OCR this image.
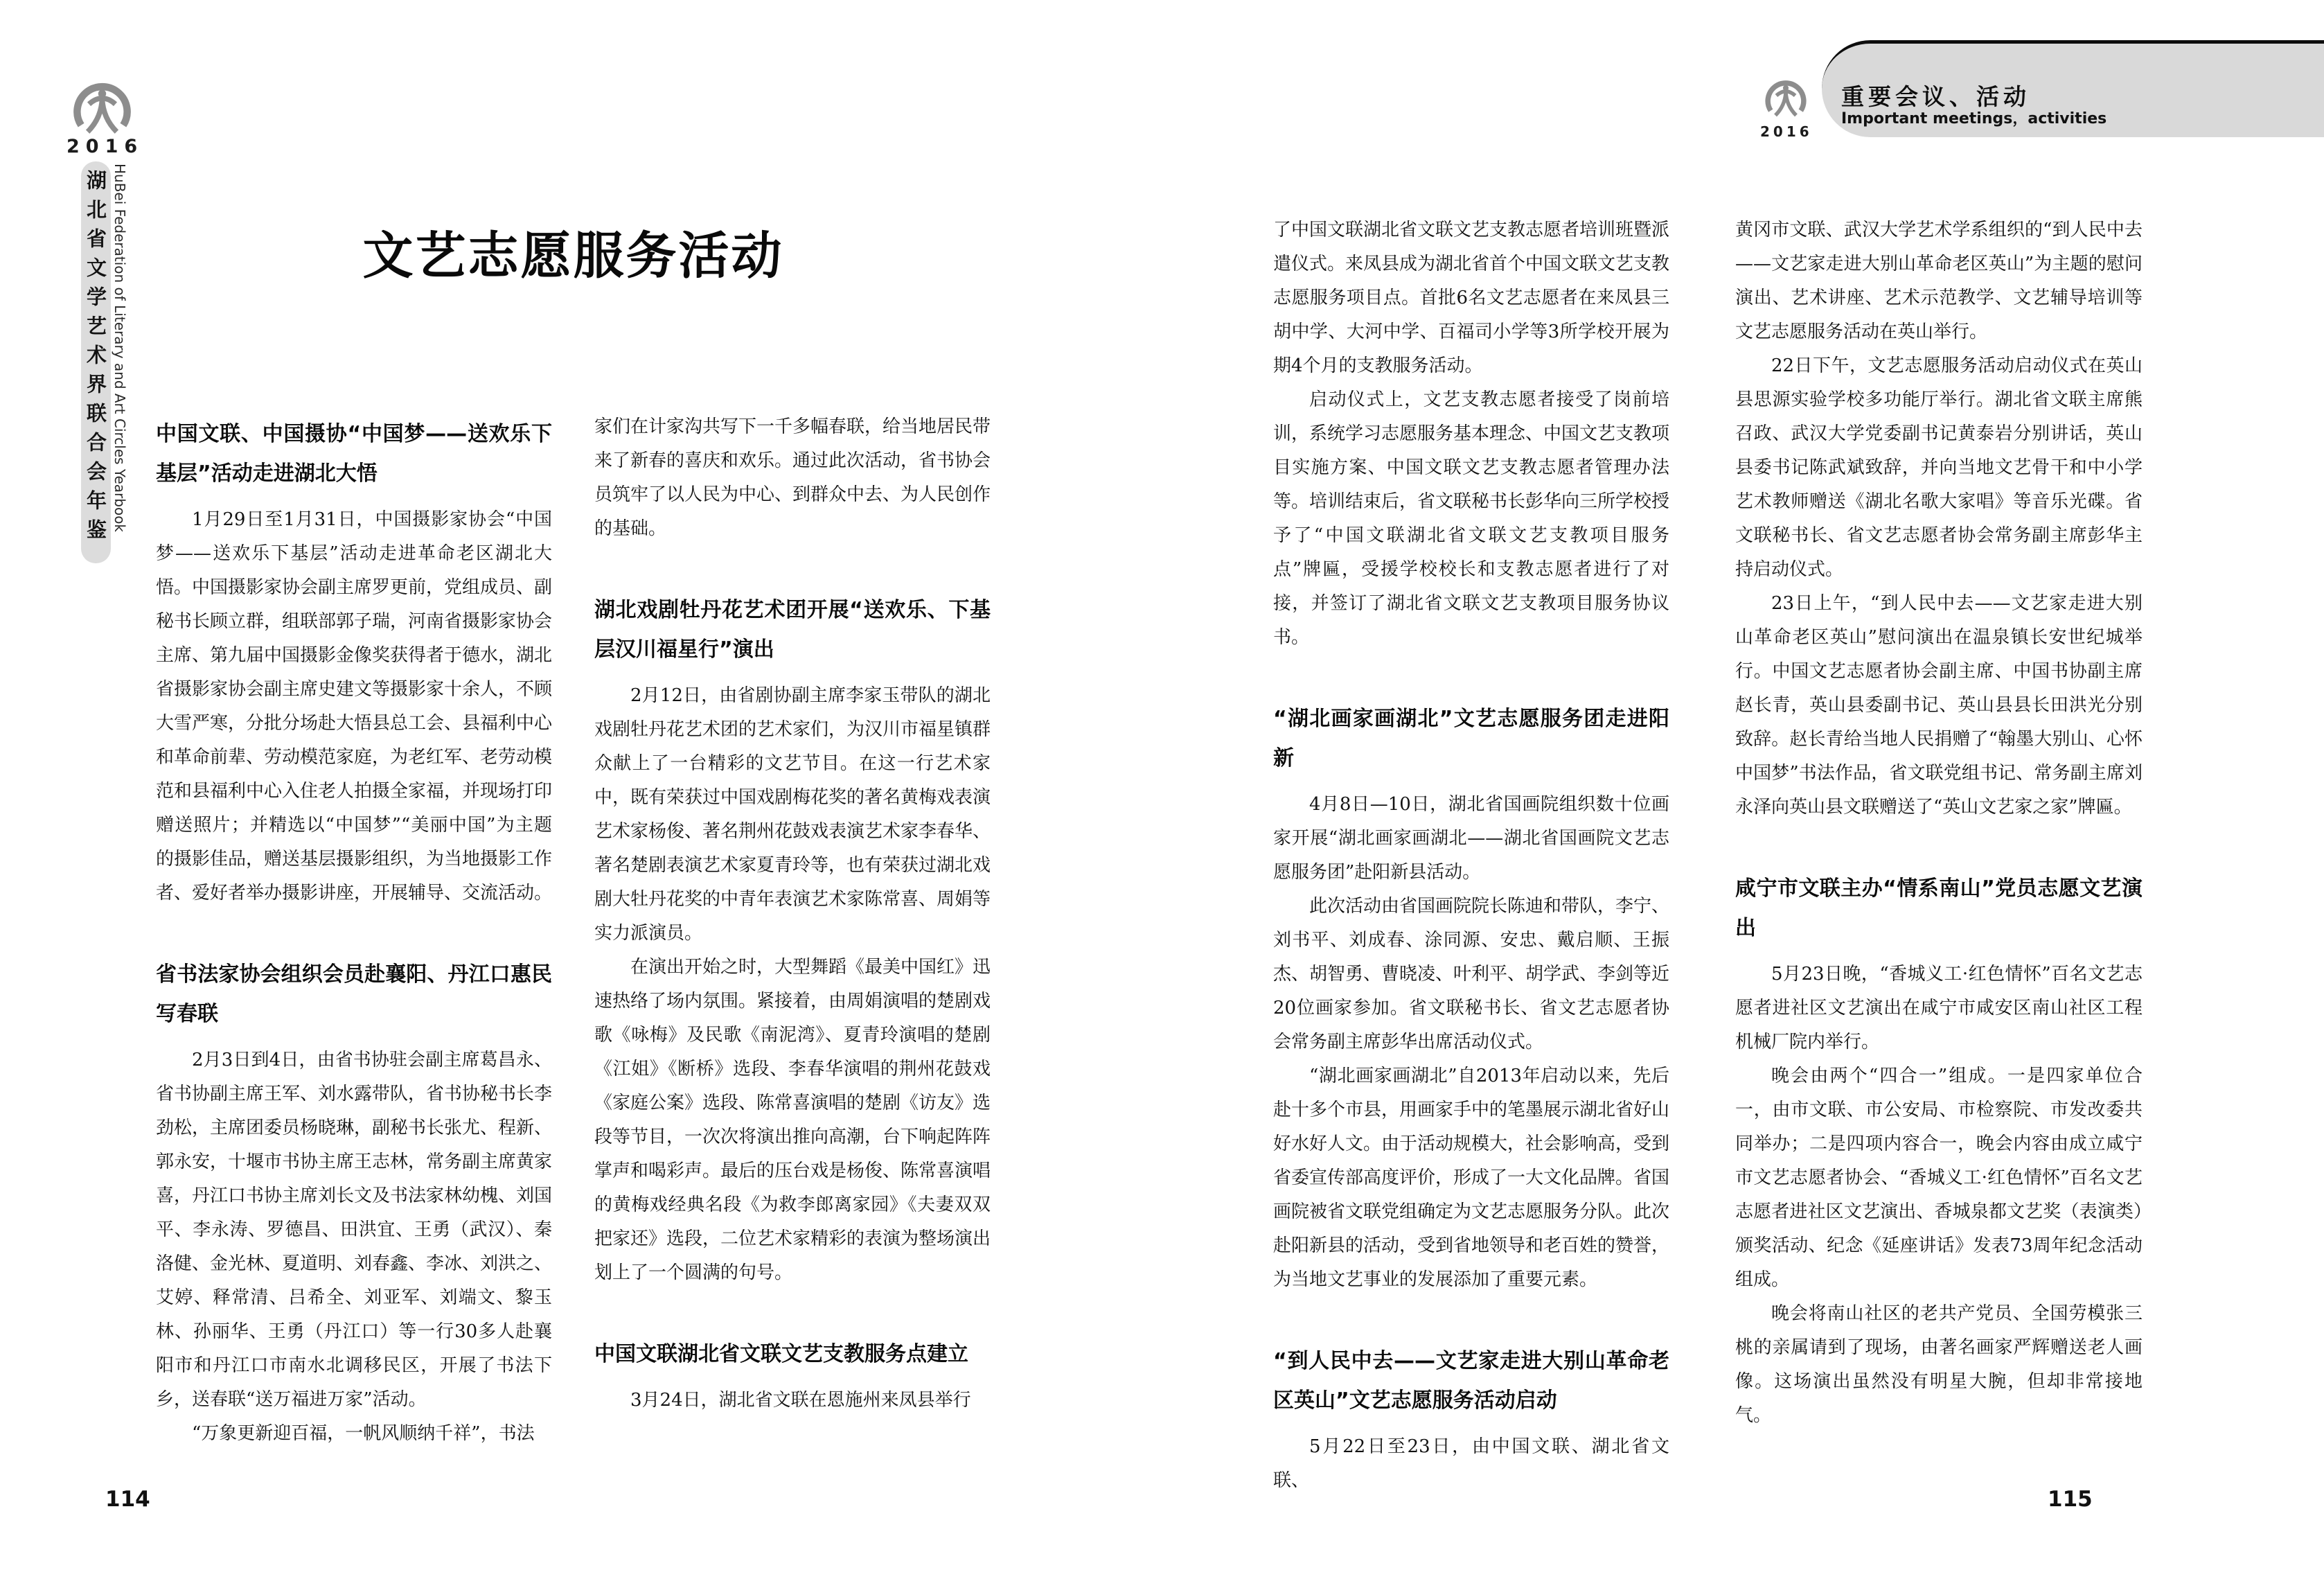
2016
湖北省文学艺术界联合会年鉴 HuBei Federation of Literary and Art Circles Yearbook	文艺志愿服务活动
中国文联、中国摄协“中国梦——送欢乐下基层”活动走进湖北大悟

1月29日至1月31日，中国摄影家协会“中国梦——送欢乐下基层”活动走进革命老区湖北大悟。中国摄影家协会副主席罗更前，党组成员、副秘书长顾立群，组联部郭子瑞，河南省摄影家协会主席、第九届中国摄影金像奖获得者于德水，湖北省摄影家协会副主席史建文等摄影家十余人，不顾大雪严寒，分批分场赴大悟县总工会、县福利中心和革命前辈、劳动模范家庭，为老红军、老劳动模范和县福利中心入住老人拍摄全家福，并现场打印赠送照片；并精选以“中国梦”“美丽中国”为主题的摄影佳品，赠送基层摄影组织，为当地摄影工作者、爱好者举办摄影讲座，开展辅导、交流活动。

省书法家协会组织会员赴襄阳、丹江口惠民写春联

2月3日到4日，由省书协驻会副主席葛昌永、省书协副主席王军、刘水露带队，省书协秘书长李劲松，主席团委员杨晓琳，副秘书长张尤、程新、郭永安，十堰市书协主席王志林，常务副主席黄家喜，丹江口书协主席刘长文及书法家林幼槐、刘国平、李永涛、罗德昌、田洪宜、王勇（武汉）、秦洛健、金光林、夏道明、刘春鑫、李冰、刘洪之、艾婷、释常清、吕希全、刘亚军、刘端文、黎玉林、孙丽华、王勇（丹江口）等一行30多人赴襄阳市和丹江口市南水北调移民区，开展了书法下乡，送春联“送万福进万家”活动。

“万象更新迎百福，一帆风顺纳千祥”，书法

家们在计家沟共写下一千多幅春联，给当地居民带来了新春的喜庆和欢乐。通过此次活动，省书协会员筑牢了以人民为中心、到群众中去、为人民创作的基础。

湖北戏剧牡丹花艺术团开展“送欢乐、下基层汉川福星行”演出

2月12日，由省剧协副主席李家玉带队的湖北戏剧牡丹花艺术团的艺术家们，为汉川市福星镇群众献上了一台精彩的文艺节目。在这一行艺术家中，既有荣获过中国戏剧梅花奖的著名黄梅戏表演艺术家杨俊、著名荆州花鼓戏表演艺术家李春华、著名楚剧表演艺术家夏青玲等，也有荣获过湖北戏剧大牡丹花奖的中青年表演艺术家陈常喜、周娟等实力派演员。

在演出开始之时，大型舞蹈《最美中国红》迅速热络了场内氛围。紧接着，由周娟演唱的楚剧戏歌《咏梅》及民歌《南泥湾》、夏青玲演唱的楚剧《江姐》《断桥》选段、李春华演唱的荆州花鼓戏《家庭公案》选段、陈常喜演唱的楚剧《访友》选段等节目，一次次将演出推向高潮，台下响起阵阵掌声和喝彩声。最后的压台戏是杨俊、陈常喜演唱的黄梅戏经典名段《为救李郎离家园》《夫妻双双把家还》选段，二位艺术家精彩的表演为整场演出划上了一个圆满的句号。

中国文联湖北省文联文艺支教服务点建立

3月24日，湖北省文联在恩施州来凤县举行

114
2016
重要会议、活动
Important meetings，activities

了中国文联湖北省文联文艺支教志愿者培训班暨派遣仪式。来凤县成为湖北省首个中国文联文艺支教志愿服务项目点。首批6名文艺志愿者在来凤县三胡中学、大河中学、百福司小学等3所学校开展为期4个月的支教服务活动。

启动仪式上，文艺支教志愿者接受了岗前培训，系统学习志愿服务基本理念、中国文艺支教项目实施方案、中国文联文艺支教志愿者管理办法等。培训结束后，省文联秘书长彭华向三所学校授予了“中国文联湖北省文联文艺支教项目服务点”牌匾，受援学校校长和支教志愿者进行了对接，并签订了湖北省文联文艺支教项目服务协议书。

“湖北画家画湖北”文艺志愿服务团走进阳新

4月8日—10日，湖北省国画院组织数十位画家开展“湖北画家画湖北——湖北省国画院文艺志愿服务团”赴阳新县活动。

此次活动由省国画院院长陈迪和带队，李宁、刘书平、刘成春、涂同源、安忠、戴启顺、王振杰、胡智勇、曹晓凌、叶利平、胡学武、李剑等近20位画家参加。省文联秘书长、省文艺志愿者协会常务副主席彭华出席活动仪式。

“湖北画家画湖北”自2013年启动以来，先后赴十多个市县，用画家手中的笔墨展示湖北省好山好水好人文。由于活动规模大，社会影响高，受到省委宣传部高度评价，形成了一大文化品牌。省国画院被省文联党组确定为文艺志愿服务分队。此次赴阳新县的活动，受到省地领导和老百姓的赞誉，为当地文艺事业的发展添加了重要元素。

“到人民中去——文艺家走进大别山革命老区英山”文艺志愿服务活动启动

5月22日至23日，由中国文联、湖北省文联、

黄冈市文联、武汉大学艺术学系组织的“到人民中去——文艺家走进大别山革命老区英山”为主题的慰问演出、艺术讲座、艺术示范教学、文艺辅导培训等文艺志愿服务活动在英山举行。

22日下午，文艺志愿服务活动启动仪式在英山县思源实验学校多功能厅举行。湖北省文联主席熊召政、武汉大学党委副书记黄泰岩分别讲话，英山县委书记陈武斌致辞，并向当地文艺骨干和中小学艺术教师赠送《湖北名歌大家唱》等音乐光碟。省文联秘书长、省文艺志愿者协会常务副主席彭华主持启动仪式。

23日上午，“到人民中去——文艺家走进大别山革命老区英山”慰问演出在温泉镇长安世纪城举行。中国文艺志愿者协会副主席、中国书协副主席赵长青，英山县委副书记、英山县县长田洪光分别致辞。赵长青给当地人民捐赠了“翰墨大别山、心怀中国梦”书法作品，省文联党组书记、常务副主席刘永泽向英山县文联赠送了“英山文艺家之家”牌匾。

咸宁市文联主办“情系南山”党员志愿文艺演出

5月23日晚，“香城义工·红色情怀”百名文艺志愿者进社区文艺演出在咸宁市咸安区南山社区工程机械厂院内举行。

晚会由两个“四合一”组成。一是四家单位合一，由市文联、市公安局、市检察院、市发改委共同举办；二是四项内容合一，晚会内容由成立咸宁市文艺志愿者协会、“香城义工·红色情怀”百名文艺志愿者进社区文艺演出、香城泉都文艺奖（表演类）颁奖活动、纪念《延座讲话》发表73周年纪念活动组成。

晚会将南山社区的老共产党员、全国劳模张三桃的亲属请到了现场，由著名画家严辉赠送老人画像。这场演出虽然没有明星大腕，但却非常接地气。

115
